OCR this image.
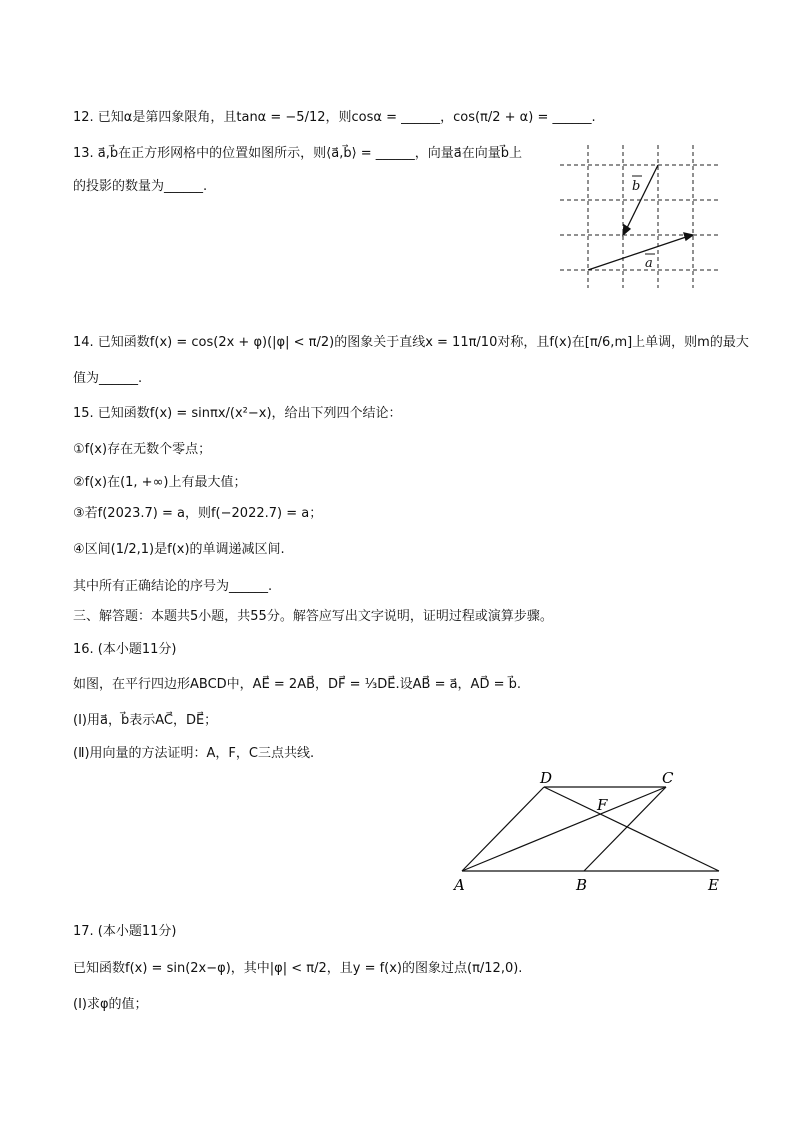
12. 已知α是第四象限角，且tanα = −5/12，则cosα = ______，cos(π/2 + α) = ______.
13. a⃗,b⃗在正方形网格中的位置如图所示，则⟨a⃗,b⃗⟩ = ______，向量a⃗在向量b⃗上
的投影的数量为______.	b
a
14. 已知函数f(x) = cos(2x + φ)(|φ| < π/2)的图象关于直线x = 11π/10对称，且f(x)在[π/6,m]上单调，则m的最大
值为______.
15. 已知函数f(x) = sinπx/(x²−x)，给出下列四个结论：
①f(x)存在无数个零点；
②f(x)在(1, +∞)上有最大值；
③若f(2023.7) = a，则f(−2022.7) = a；
④区间(1/2,1)是f(x)的单调递减区间.
其中所有正确结论的序号为______.
三、解答题：本题共5小题，共55分。解答应写出文字说明，证明过程或演算步骤。
16. (本小题11分)
如图，在平行四边形ABCD中，AE⃗ = 2AB⃗，DF⃗ = ⅓DE⃗.设AB⃗ = a⃗，AD⃗ = b⃗.
(Ⅰ)用a⃗，b⃗表示AC⃗，DE⃗；
(Ⅱ)用向量的方法证明：A，F，C三点共线.
D	C
F
A	B	E
17. (本小题11分)
已知函数f(x) = sin(2x−φ)，其中|φ| < π/2，且y = f(x)的图象过点(π/12,0).
(Ⅰ)求φ的值；
